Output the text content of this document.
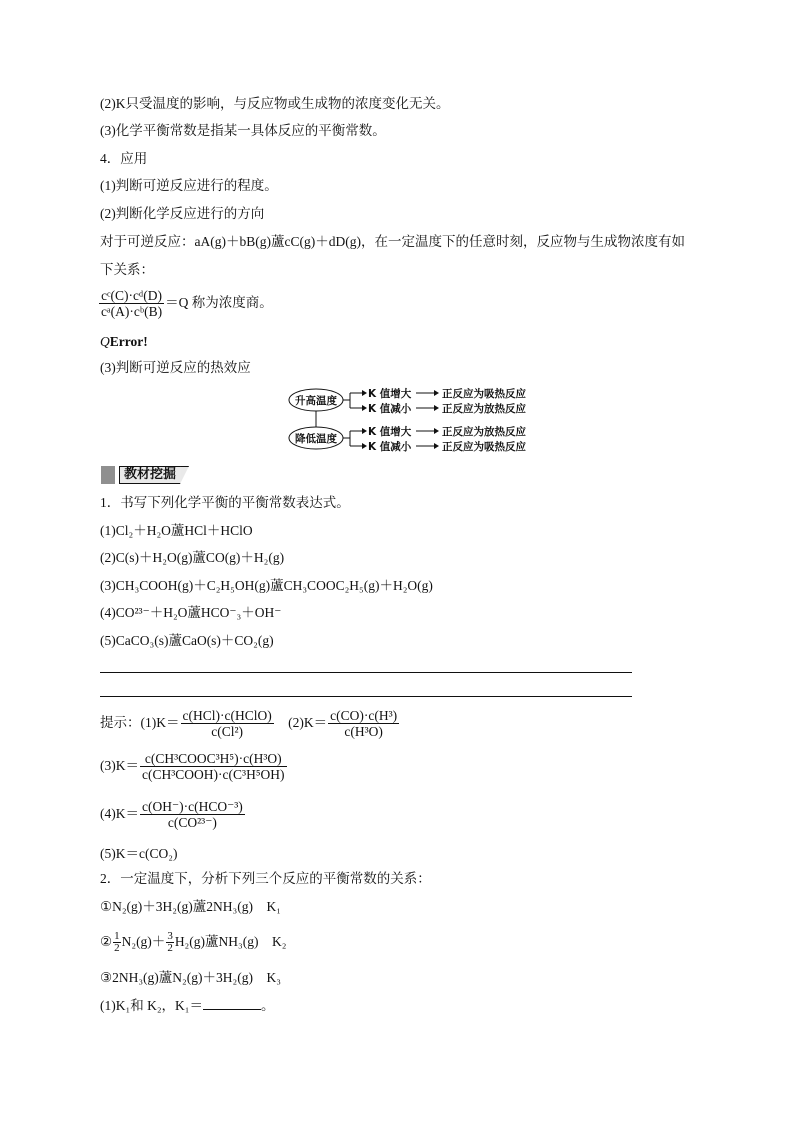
(2)K只受温度的影响，与反应物或生成物的浓度变化无关。
(3)化学平衡常数是指某一具体反应的平衡常数。
4．应用
(1)判断可逆反应进行的程度。
(2)判断化学反应进行的方向
对于可逆反应：aA(g)＋bB(g)蘆cC(g)＋dD(g)，在一定温度下的任意时刻，反应物与生成物浓度有如
下关系：
$\frac{\text{cᶜ(C)·cᵈ(D)}}{\text{cᵃ(A)·cᵇ(B)}} =Q$ 称为浓度商。
QError!
(3)判断可逆反应的热效应
升高温度
降低温度
K 值增大
K 值减小
正反应为吸热反应
正反应为放热反应
K 值增大
K 值减小
正反应为放热反应
正反应为吸热反应
教材挖掘
1．书写下列化学平衡的平衡常数表达式。
(1)Cl₂＋H₂O蘆​HCl＋HClO
(2)C(s)＋H₂O(g)蘆​CO(g)＋H₂(g)
(3)CH₃COOH(g)＋C₂H₅OH(g)蘆​CH₃COOC₂H₅(g)＋H₂O(g)
(4)CO²³⁻＋H₂O蘆​HCO⁻₃＋OH⁻
(5)CaCO₃(s)蘆​CaO(s)＋CO₂(g)
提示：$(1)K= \frac{\text{c(HCl)·c(HClO)}}{\text{c(Cl²)}} (2)K= \frac{\text{c(CO)·c(H³)}}{\text{c(H³O)}}$
$(3)K= \frac{\text{c(CH³COOC³H⁵)·c(H³O)}}{\text{c(CH³COOH)·c(C³H⁵OH)}}$
$(4)K= \frac{\text{c(OH⁻)·c(HCO⁻³)}}{\text{c(CO²³⁻)}}$
(5)K＝c(CO₂)
2．一定温度下，分析下列三个反应的平衡常数的关系：
①N₂(g)＋3H₂(g)蘆​2NH₃(g)　K₁
② $\frac{1}{2} N_2(g)+ \frac{3}{2} H_2(g)$蘆​NH₃(g)　K₂
③2NH₃(g)蘆​N₂(g)＋3H₂(g)　K₃
(1)K₁和 K₂，K₁＝	。
